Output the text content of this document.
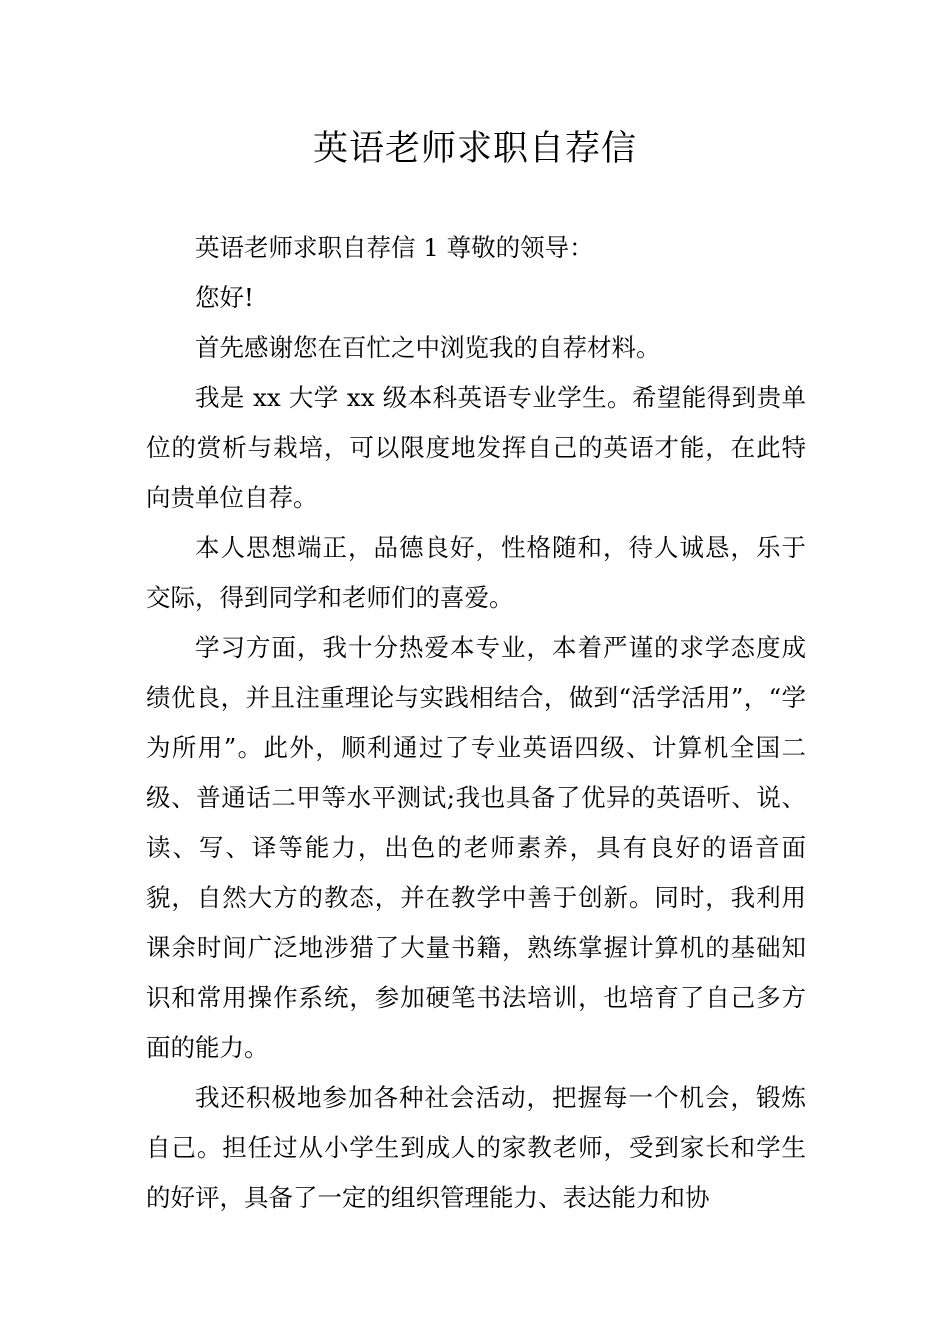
英语老师求职自荐信

英语老师求职自荐信 1 尊敬的领导：

您好!

首先感谢您在百忙之中浏览我的自荐材料。

我是 xx 大学 xx 级本科英语专业学生。希望能得到贵单位的赏析与栽培，可以限度地发挥自己的英语才能，在此特向贵单位自荐。

本人思想端正，品德良好，性格随和，待人诚恳，乐于交际，得到同学和老师们的喜爱。

学习方面，我十分热爱本专业，本着严谨的求学态度成绩优良，并且注重理论与实践相结合，做到“活学活用”，“学为所用”。此外，顺利通过了专业英语四级、计算机全国二级、普通话二甲等水平测试;我也具备了优异的英语听、说、读、写、译等能力，出色的老师素养，具有良好的语音面貌，自然大方的教态，并在教学中善于创新。同时，我利用课余时间广泛地涉猎了大量书籍，熟练掌握计算机的基础知识和常用操作系统，参加硬笔书法培训，也培育了自己多方面的能力。

我还积极地参加各种社会活动，把握每一个机会，锻炼自己。担任过从小学生到成人的家教老师，受到家长和学生的好评，具备了一定的组织管理能力、表达能力和协
